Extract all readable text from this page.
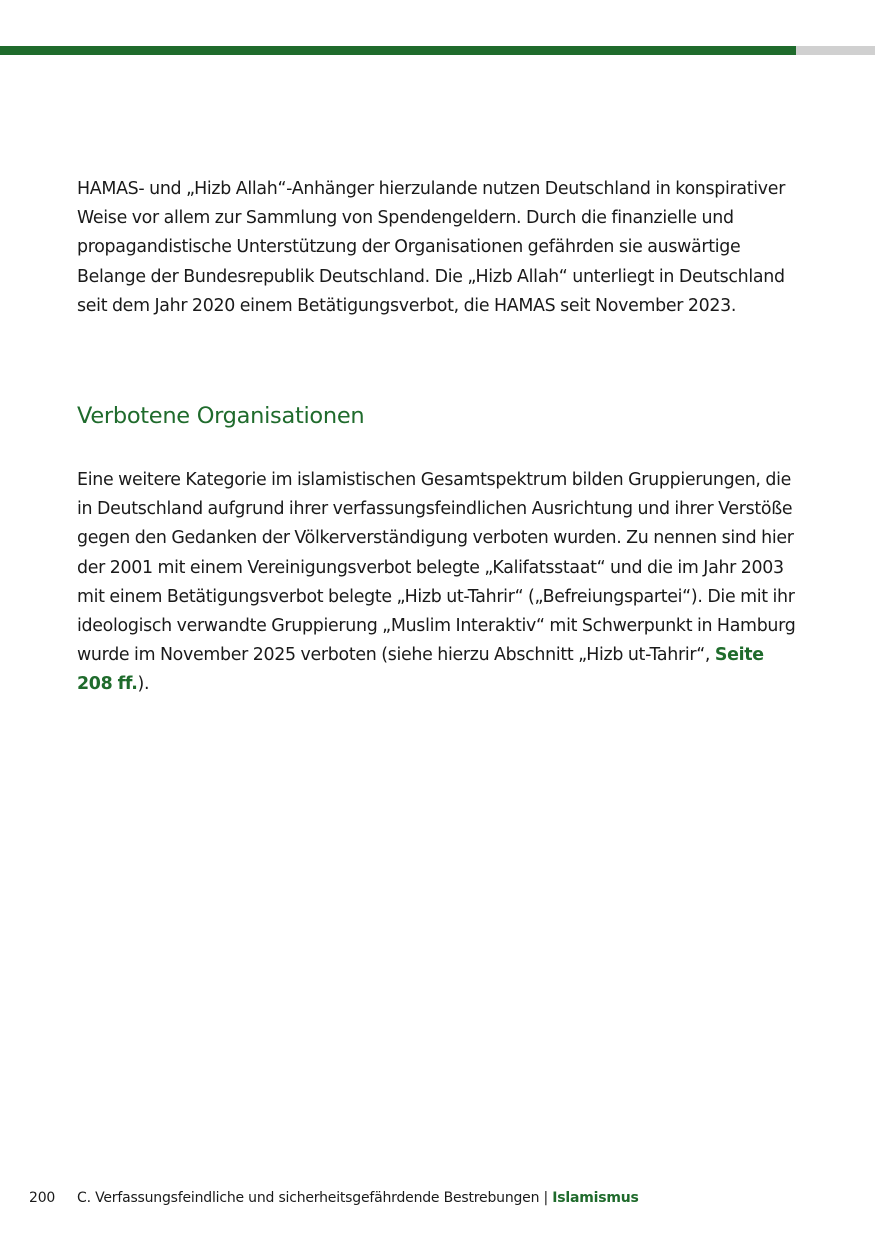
HAMAS- und „Hizb Allah“-Anhänger hierzulande nutzen Deutschland in konspirativer Weise vor allem zur Sammlung von Spendengeldern. Durch die finanzielle und propagandistische Unterstützung der Organisationen gefährden sie auswärtige Belange der Bundesrepublik Deutschland. Die „Hizb Allah“ unterliegt in Deutschland seit dem Jahr 2020 einem Betätigungsverbot, die HAMAS seit November 2023.

Verbotene Organisationen

Eine weitere Kategorie im islamistischen Gesamtspektrum bilden Gruppierungen, die in Deutschland aufgrund ihrer verfassungsfeindlichen Ausrichtung und ihrer Verstöße gegen den Gedanken der Völkerverständigung verboten wurden. Zu nennen sind hier der 2001 mit einem Vereinigungsverbot belegte „Kalifatsstaat“ und die im Jahr 2003 mit einem Betätigungsverbot belegte „Hizb ut-Tahrir“ („Befreiungspartei“). Die mit ihr ideologisch verwandte Gruppierung „Muslim Interaktiv“ mit Schwerpunkt in Hamburg wurde im November 2025 verboten (siehe hierzu Abschnitt „Hizb ut-Tahrir“, Seite 208 ff.).

200 C. Verfassungsfeindliche und sicherheitsgefährdende Bestrebungen | Islamismus
